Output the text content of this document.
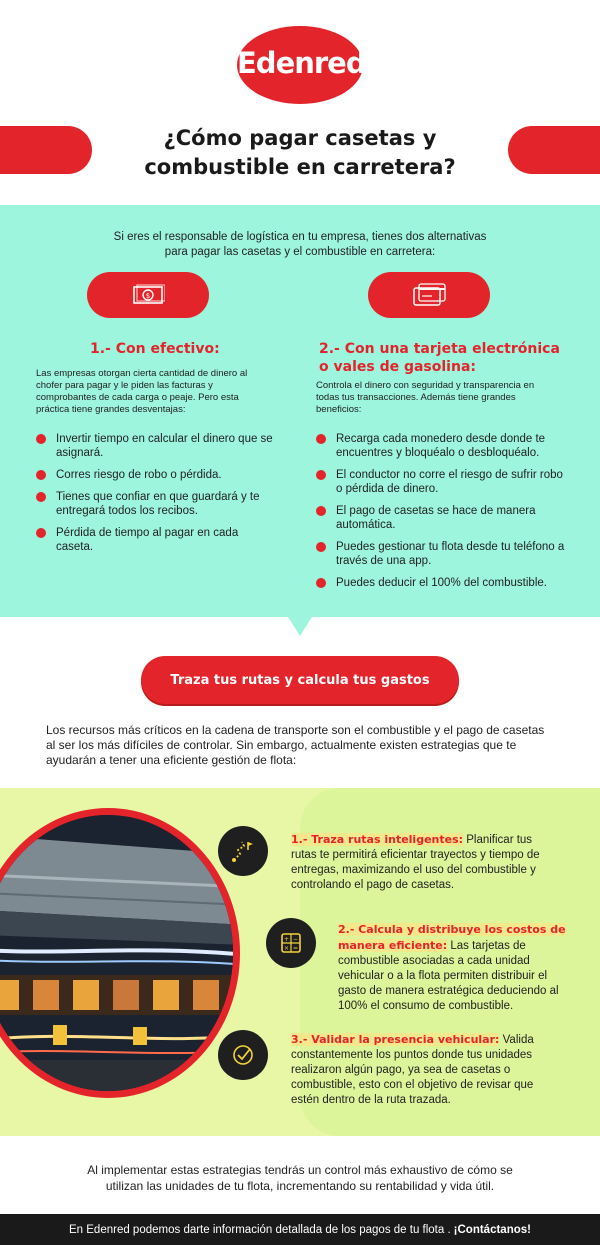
Edenred
¿Cómo pagar casetas y
combustible en carretera?
Si eres el responsable de logística en tu empresa, tienes dos alternativas
para pagar las casetas y el combustible en carretera:
$
1.- Con efectivo:
Las empresas otorgan cierta cantidad de dinero al chofer para pagar y le piden las facturas y comprobantes de cada carga o peaje. Pero esta práctica tiene grandes desventajas:
Invertir tiempo en calcular el dinero que se asignará.
Corres riesgo de robo o pérdida.
Tienes que confiar en que guardará y te entregará todos los recibos.
Pérdida de tiempo al pagar en cada caseta.
2.- Con una tarjeta electrónica
o vales de gasolina:
Controla el dinero con seguridad y transparencia en todas tus transacciones. Además tiene grandes beneficios:
Recarga cada monedero desde donde te encuentres y bloquéalo o desbloquéalo.
El conductor no corre el riesgo de sufrir robo o pérdida de dinero.
El pago de casetas se hace de manera automática.
Puedes gestionar tu flota desde tu teléfono a través de una app.
Puedes deducir el 100% del combustible.
Traza tus rutas y calcula tus gastos
Los recursos más críticos en la cadena de transporte son el combustible y el pago de casetas al ser los más difíciles de controlar. Sin embargo, actualmente existen estrategias que te ayudarán a tener una eficiente gestión de flota:
+ −
× =
1.- Traza rutas inteligentes: Planificar tus rutas te permitirá eficientar trayectos y tiempo de entregas, maximizando el uso del combustible y controlando el pago de casetas.
2.- Calcula y distribuye los costos de manera eficiente: Las tarjetas de combustible asociadas a cada unidad vehicular o a la flota permiten distribuir el gasto de manera estratégica deduciendo al 100% el consumo de combustible.
3.- Validar la presencia vehicular: Valida constantemente los puntos donde tus unidades realizaron algún pago, ya sea de casetas o combustible, esto con el objetivo de revisar que estén dentro de la ruta trazada.
Al implementar estas estrategias tendrás un control más exhaustivo de cómo se utilizan las unidades de tu flota, incrementando su rentabilidad y vida útil.
En Edenred podemos darte información detallada de los pagos de tu flota . ¡Contáctanos!
